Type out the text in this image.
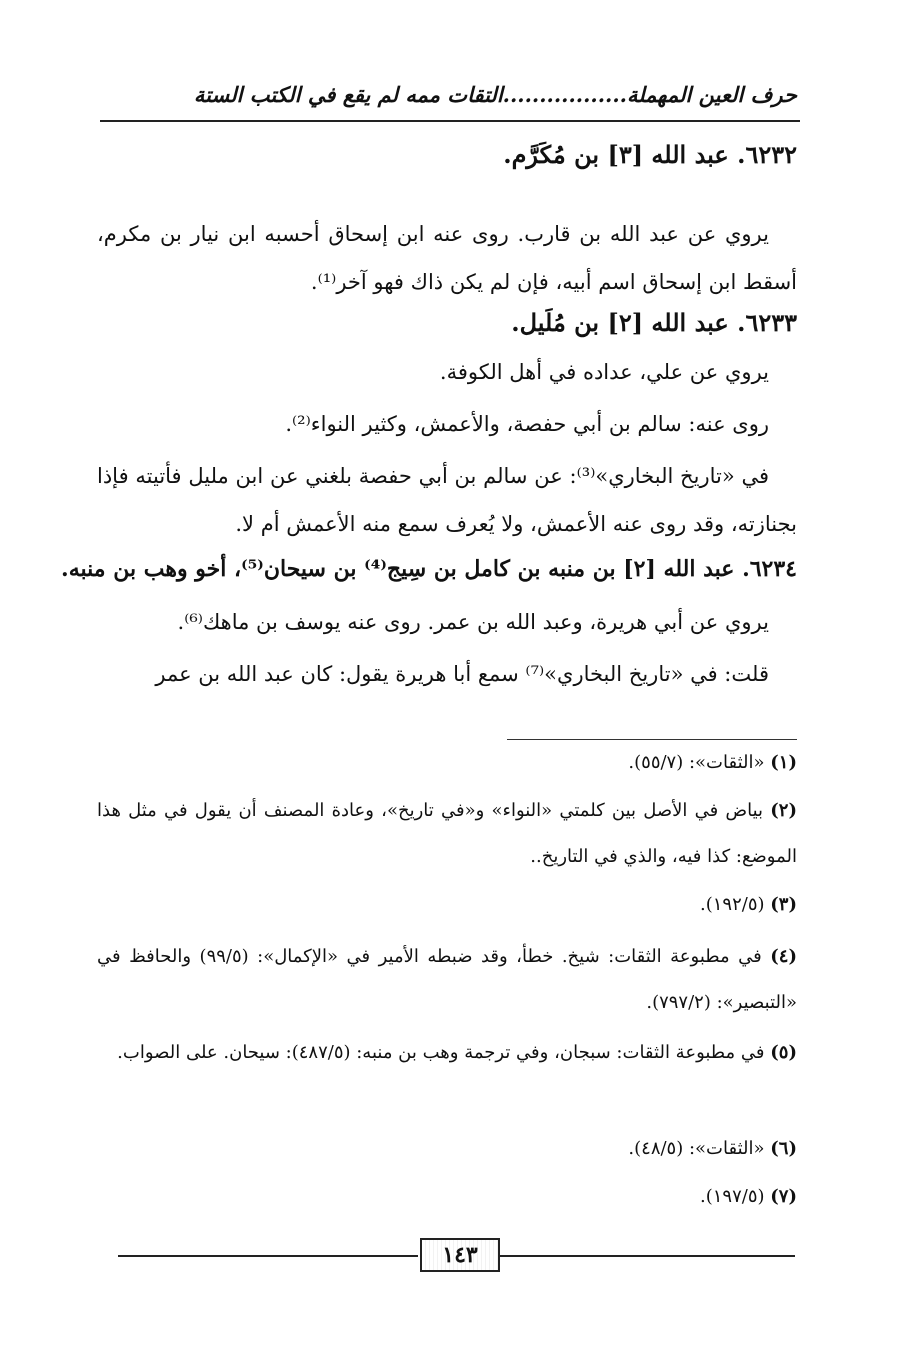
حرف العين المهملة.................التقات ممه لم يقع في الكتب الستة
٦٢٣٢. عبد الله [٣] بن مُكَرَّم.
يروي عن عبد الله بن قارب. روى عنه ابن إسحاق أحسبه ابن نيار بن مكرم، أسقط ابن إسحاق اسم أبيه، فإن لم يكن ذاك فهو آخر⁽¹⁾.
٦٢٣٣. عبد الله [٢] بن مُلَيل.
يروي عن علي، عداده في أهل الكوفة.
روى عنه: سالم بن أبي حفصة، والأعمش، وكثير النواء⁽²⁾.
في «تاريخ البخاري»⁽³⁾: عن سالم بن أبي حفصة بلغني عن ابن مليل فأتيته فإذا بجنازته، وقد روى عنه الأعمش، ولا يُعرف سمع منه الأعمش أم لا.
٦٢٣٤. عبد الله [٢] بن منبه بن كامل بن سِيج⁽⁴⁾ بن سيحان⁽⁵⁾، أخو وهب بن منبه.
يروي عن أبي هريرة، وعبد الله بن عمر. روى عنه يوسف بن ماهك⁽⁶⁾.
قلت: في «تاريخ البخاري»⁽⁷⁾ سمع أبا هريرة يقول: كان عبد الله بن عمر
(١) «الثقات»: (٥٥/٧).
(٢) بياض في الأصل بين كلمتي «النواء» و«في تاريخ»، وعادة المصنف أن يقول في مثل هذا الموضع: كذا فيه، والذي في التاريخ..
(٣) (١٩٢/٥).
(٤) في مطبوعة الثقات: شيخ. خطأ، وقد ضبطه الأمير في «الإكمال»: (٩٩/٥) والحافظ في «التبصير»: (٧٩٧/٢).
(٥) في مطبوعة الثقات: سبجان، وفي ترجمة وهب بن منبه: (٤٨٧/٥): سيحان. على الصواب.
(٦) «الثقات»: (٤٨/٥).
(٧) (١٩٧/٥).
١٤٣
